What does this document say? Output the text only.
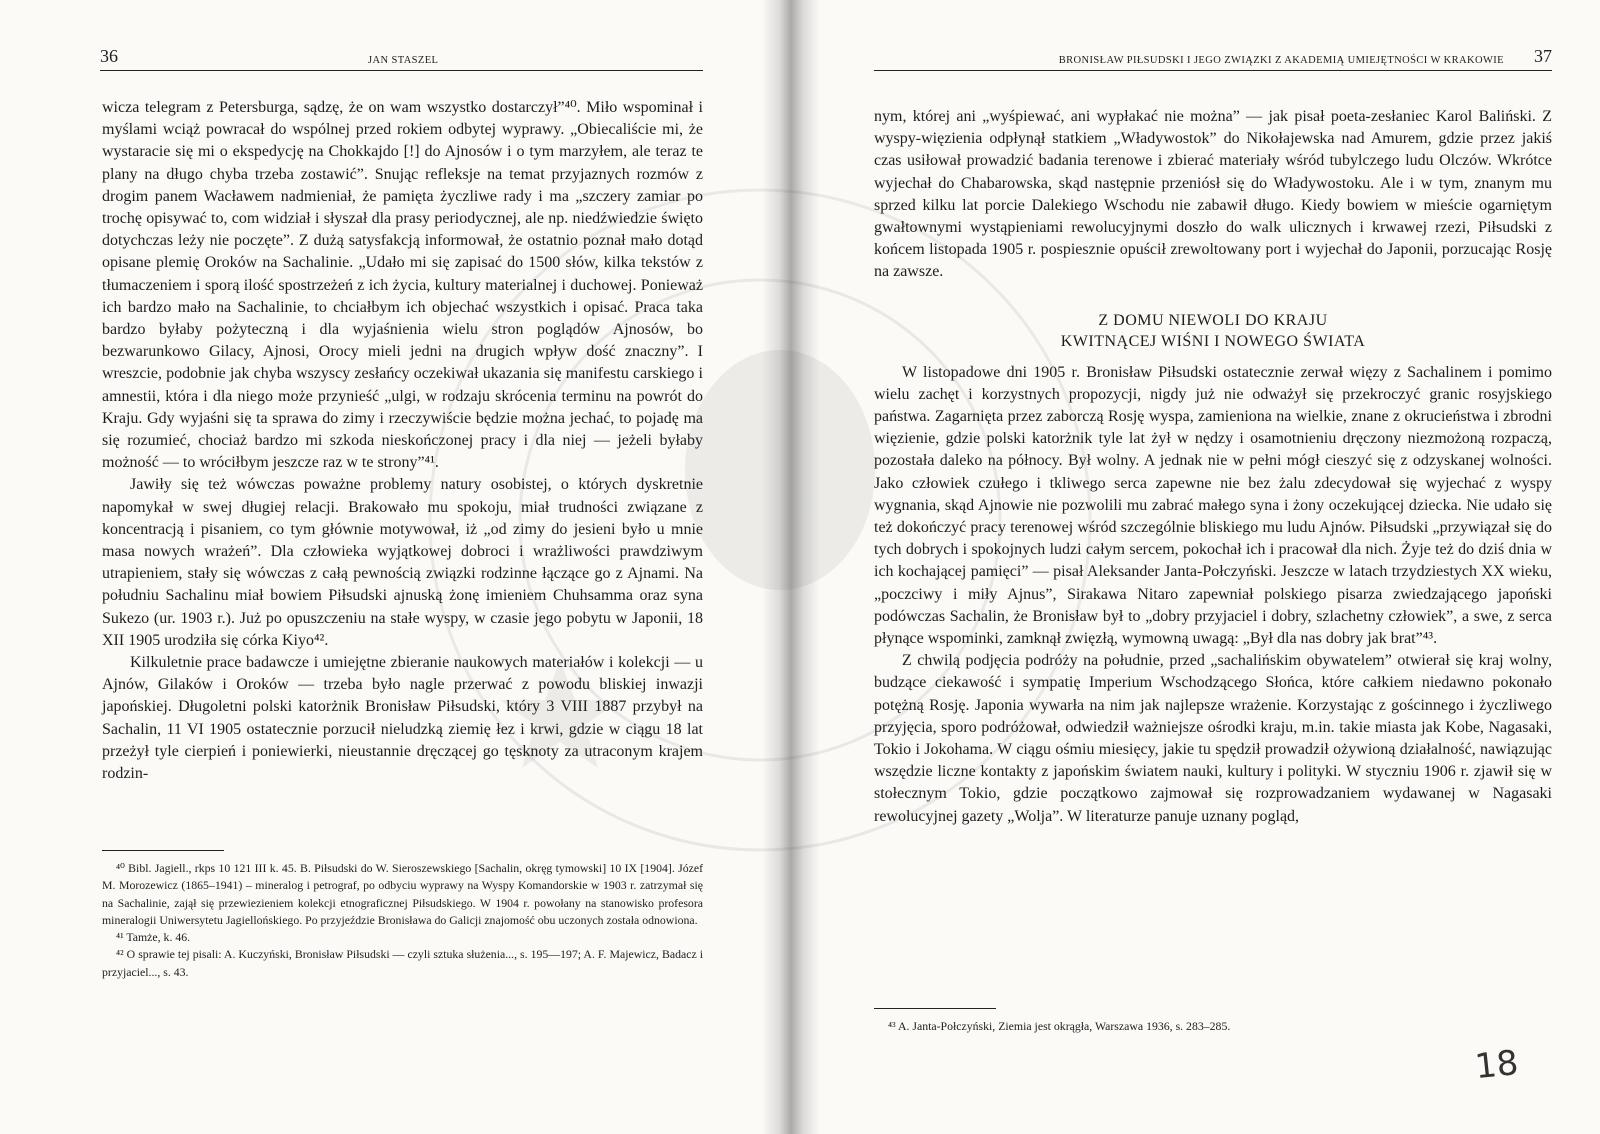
36	JAN STASZEL

wicza telegram z Petersburga, sądzę, że on wam wszystko dostarczył”⁴⁰. Miło wspominał i myślami wciąż powracał do wspólnej przed rokiem odbytej wyprawy. „Obiecaliście mi, że wystaracie się mi o ekspedycję na Chokkajdo [!] do Ajnosów i o tym marzyłem, ale teraz te plany na długo chyba trzeba zostawić”. Snując refleksje na temat przyjaznych rozmów z drogim panem Wacławem nadmieniał, że pamięta życzliwe rady i ma „szczery zamiar po trochę opisywać to, com widział i słyszał dla prasy periodycznej, ale np. niedźwiedzie święto dotychczas leży nie poczęte”. Z dużą satysfakcją informował, że ostatnio poznał mało dotąd opisane plemię Oroków na Sachalinie. „Udało mi się zapisać do 1500 słów, kilka tekstów z tłumaczeniem i sporą ilość spostrzeżeń z ich życia, kultury materialnej i duchowej. Ponieważ ich bardzo mało na Sachalinie, to chciałbym ich objechać wszystkich i opisać. Praca taka bardzo byłaby pożyteczną i dla wyjaśnienia wielu stron poglądów Ajnosów, bo bezwarunkowo Gilacy, Ajnosi, Orocy mieli jedni na drugich wpływ dość znaczny”. I wreszcie, podobnie jak chyba wszyscy zesłańcy oczekiwał ukazania się manifestu carskiego i amnestii, która i dla niego może przynieść „ulgi, w rodzaju skrócenia terminu na powrót do Kraju. Gdy wyjaśni się ta sprawa do zimy i rzeczywiście będzie można jechać, to pojadę ma się rozumieć, chociaż bardzo mi szkoda nieskończonej pracy i dla niej — jeżeli byłaby możność — to wróciłbym jeszcze raz w te strony”⁴¹.

Jawiły się też wówczas poważne problemy natury osobistej, o których dyskretnie napomykał w swej długiej relacji. Brakowało mu spokoju, miał trudności związane z koncentracją i pisaniem, co tym głównie motywował, iż „od zimy do jesieni było u mnie masa nowych wrażeń”. Dla człowieka wyjątkowej dobroci i wrażliwości prawdziwym utrapieniem, stały się wówczas z całą pewnością związki rodzinne łączące go z Ajnami. Na południu Sachalinu miał bowiem Piłsudski ajnuską żonę imieniem Chuhsamma oraz syna Sukezo (ur. 1903 r.). Już po opuszczeniu na stałe wyspy, w czasie jego pobytu w Japonii, 18 XII 1905 urodziła się córka Kiyo⁴².

Kilkuletnie prace badawcze i umiejętne zbieranie naukowych materiałów i kolekcji — u Ajnów, Gilaków i Oroków — trzeba było nagle przerwać z powodu bliskiej inwazji japońskiej. Długoletni polski katorżnik Bronisław Piłsudski, który 3 VIII 1887 przybył na Sachalin, 11 VI 1905 ostatecznie porzucił nieludzką ziemię łez i krwi, gdzie w ciągu 18 lat przeżył tyle cierpień i poniewierki, nieustannie dręczącej go tęsknoty za utraconym krajem rodzin-

⁴⁰ Bibl. Jagiell., rkps 10 121 III k. 45. B. Piłsudski do W. Sieroszewskiego [Sachalin, okręg tymowski] 10 IX [1904]. Józef M. Morozewicz (1865–1941) – mineralog i petrograf, po odbyciu wyprawy na Wyspy Komandorskie w 1903 r. zatrzymał się na Sachalinie, zajął się przewiezieniem kolekcji etnograficznej Piłsudskiego. W 1904 r. powołany na stanowisko profesora mineralogii Uniwersytetu Jagiellońskiego. Po przyjeździe Bronisława do Galicji znajomość obu uczonych została odnowiona.

⁴¹ Tamże, k. 46.

⁴² O sprawie tej pisali: A. Kuczyński, Bronisław Piłsudski — czyli sztuka służenia..., s. 195—197; A. F. Majewicz, Badacz i przyjaciel..., s. 43.

BRONISŁAW PIŁSUDSKI I JEGO ZWIĄZKI Z AKADEMIĄ UMIEJĘTNOŚCI W KRAKOWIE 37

nym, której ani „wyśpiewać, ani wypłakać nie można” — jak pisał poeta-zesłaniec Karol Baliński. Z wyspy-więzienia odpłynął statkiem „Władywostok” do Nikołajewska nad Amurem, gdzie przez jakiś czas usiłował prowadzić badania terenowe i zbierać materiały wśród tubylczego ludu Olczów. Wkrótce wyjechał do Chabarowska, skąd następnie przeniósł się do Władywostoku. Ale i w tym, znanym mu sprzed kilku lat porcie Dalekiego Wschodu nie zabawił długo. Kiedy bowiem w mieście ogarniętym gwałtownymi wystąpieniami rewolucyjnymi doszło do walk ulicznych i krwawej rzezi, Piłsudski z końcem listopada 1905 r. pospiesznie opuścił zrewoltowany port i wyjechał do Japonii, porzucając Rosję na zawsze.

Z DOMU NIEWOLI DO KRAJU
KWITNĄCEJ WIŚNI I NOWEGO ŚWIATA

W listopadowe dni 1905 r. Bronisław Piłsudski ostatecznie zerwał więzy z Sachalinem i pomimo wielu zachęt i korzystnych propozycji, nigdy już nie odważył się przekroczyć granic rosyjskiego państwa. Zagarnięta przez zaborczą Rosję wyspa, zamieniona na wielkie, znane z okrucieństwa i zbrodni więzienie, gdzie polski katorżnik tyle lat żył w nędzy i osamotnieniu dręczony niezmożoną rozpaczą, pozostała daleko na północy. Był wolny. A jednak nie w pełni mógł cieszyć się z odzyskanej wolności. Jako człowiek czułego i tkliwego serca zapewne nie bez żalu zdecydował się wyjechać z wyspy wygnania, skąd Ajnowie nie pozwolili mu zabrać małego syna i żony oczekującej dziecka. Nie udało się też dokończyć pracy terenowej wśród szczególnie bliskiego mu ludu Ajnów. Piłsudski „przywiązał się do tych dobrych i spokojnych ludzi całym sercem, pokochał ich i pracował dla nich. Żyje też do dziś dnia w ich kochającej pamięci” — pisał Aleksander Janta-Połczyński. Jeszcze w latach trzydziestych XX wieku, „poczciwy i miły Ajnus”, Sirakawa Nitaro zapewniał polskiego pisarza zwiedzającego japoński podówczas Sachalin, że Bronisław był to „dobry przyjaciel i dobry, szlachetny człowiek”, a swe, z serca płynące wspominki, zamknął zwięzłą, wymowną uwagą: „Był dla nas dobry jak brat”⁴³.

Z chwilą podjęcia podróży na południe, przed „sachalińskim obywatelem” otwierał się kraj wolny, budzące ciekawość i sympatię Imperium Wschodzącego Słońca, które całkiem niedawno pokonało potężną Rosję. Japonia wywarła na nim jak najlepsze wrażenie. Korzystając z gościnnego i życzliwego przyjęcia, sporo podróżował, odwiedził ważniejsze ośrodki kraju, m.in. takie miasta jak Kobe, Nagasaki, Tokio i Jokohama. W ciągu ośmiu miesięcy, jakie tu spędził prowadził ożywioną działalność, nawiązując wszędzie liczne kontakty z japońskim światem nauki, kultury i polityki. W styczniu 1906 r. zjawił się w stołecznym Tokio, gdzie początkowo zajmował się rozprowadzaniem wydawanej w Nagasaki rewolucyjnej gazety „Wolja”. W literaturze panuje uznany pogląd,

⁴³ A. Janta-Połczyński, Ziemia jest okrągła, Warszawa 1936, s. 283–285.

18
